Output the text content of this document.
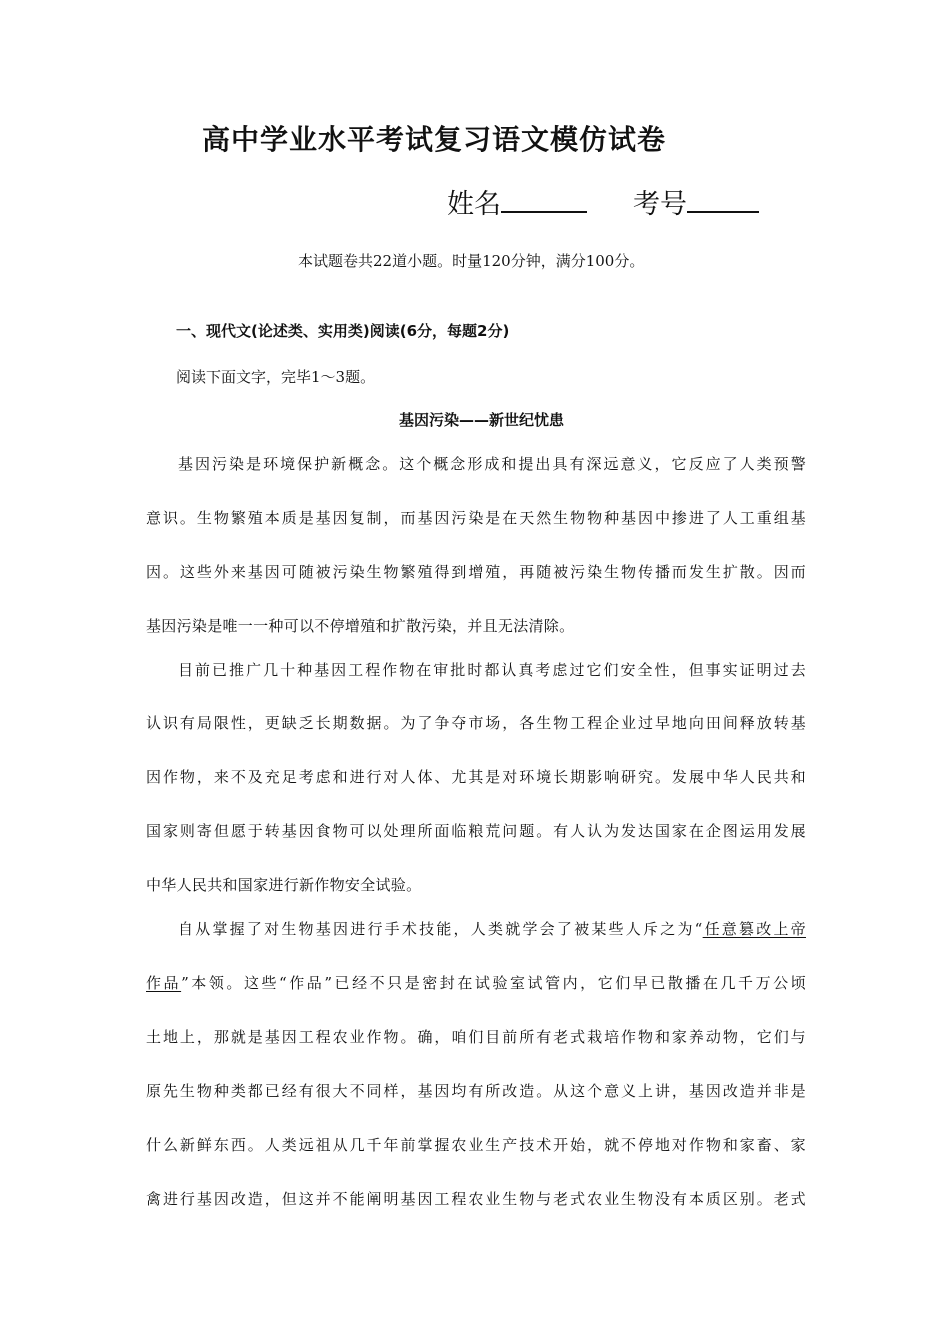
高中学业水平考试复习语文模仿试卷
姓名	考号
本试题卷共22道小题。时量120分钟，满分100分。
一、现代文(论述类、实用类)阅读(6分，每题2分)
阅读下面文字，完毕1～3题。
基因污染——新世纪忧患
基因污染是环境保护新概念。这个概念形成和提出具有深远意义，它反应了人类预警
意识。生物繁殖本质是基因复制，而基因污染是在天然生物物种基因中掺进了人工重组基
因。这些外来基因可随被污染生物繁殖得到增殖，再随被污染生物传播而发生扩散。因而
基因污染是唯一一种可以不停增殖和扩散污染，并且无法清除。
目前已推广几十种基因工程作物在审批时都认真考虑过它们安全性，但事实证明过去
认识有局限性，更缺乏长期数据。为了争夺市场，各生物工程企业过早地向田间释放转基
因作物，来不及充足考虑和进行对人体、尤其是对环境长期影响研究。发展中华人民共和
国家则寄但愿于转基因食物可以处理所面临粮荒问题。有人认为发达国家在企图运用发展
中华人民共和国家进行新作物安全试验。
自从掌握了对生物基因进行手术技能，人类就学会了被某些人斥之为“任意篡改上帝
作品”本领。这些“作品”已经不只是密封在试验室试管内，它们早已散播在几千万公顷
土地上，那就是基因工程农业作物。确，咱们目前所有老式栽培作物和家养动物，它们与
原先生物种类都已经有很大不同样，基因均有所改造。从这个意义上讲，基因改造并非是
什么新鲜东西。人类远祖从几千年前掌握农业生产技术开始，就不停地对作物和家畜、家
禽进行基因改造，但这并不能阐明基因工程农业生物与老式农业生物没有本质区别。老式
